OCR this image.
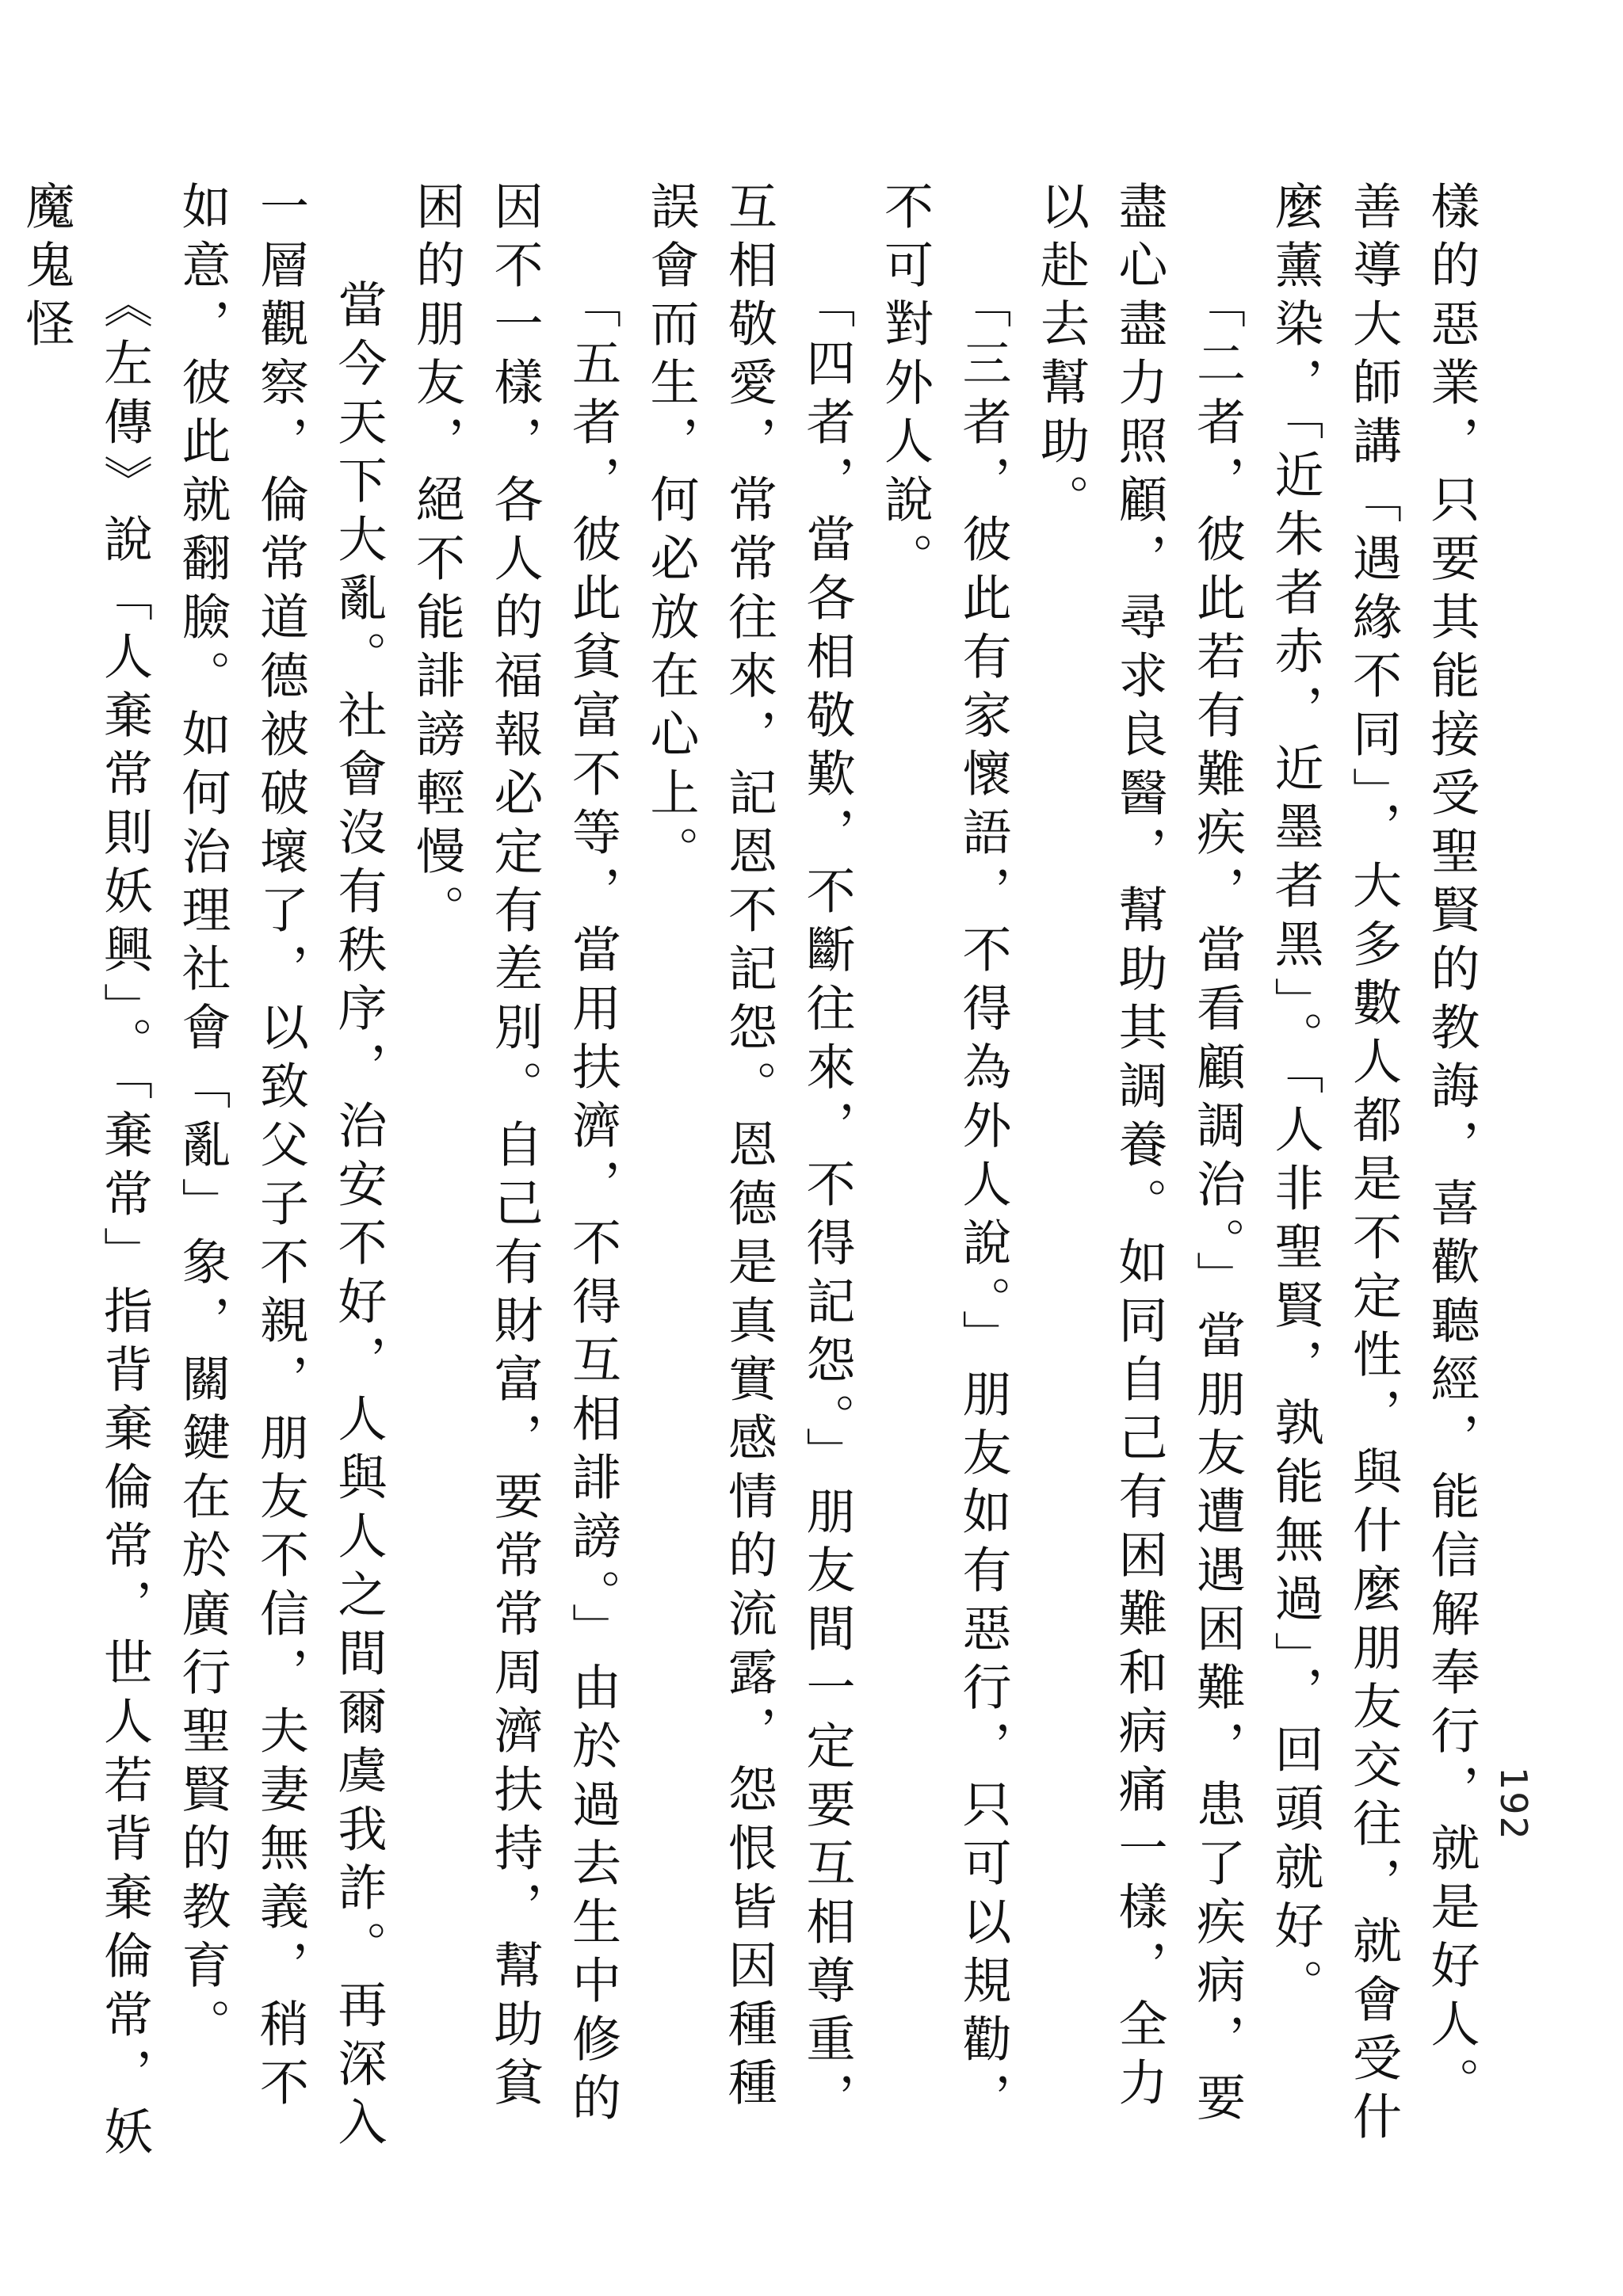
192

樣的惡業，只要其能接受聖賢的教誨，喜歡聽經，能信解奉行，就是好人。善導大師講「遇緣不同」，大多數人都是不定性，與什麼朋友交往，就會受什麼薰染，「近朱者赤，近墨者黑」。「人非聖賢，孰能無過」，回頭就好。

「二者，彼此若有難疾，當看顧調治。」當朋友遭遇困難，患了疾病，要盡心盡力照顧，尋求良醫，幫助其調養。如同自己有困難和病痛一樣，全力以赴去幫助。

「三者，彼此有家懷語，不得為外人說。」朋友如有惡行，只可以規勸，不可對外人說。

「四者，當各相敬歎，不斷往來，不得記怨。」朋友間一定要互相尊重，互相敬愛，常常往來，記恩不記怨。恩德是真實感情的流露，怨恨皆因種種誤會而生，何必放在心上。

「五者，彼此貧富不等，當用扶濟，不得互相誹謗。」由於過去生中修的因不一樣，各人的福報必定有差別。自己有財富，要常常周濟扶持，幫助貧困的朋友，絕不能誹謗輕慢。

當今天下大亂。社會沒有秩序，治安不好，人與人之間爾虞我詐。再深入一層觀察，倫常道德被破壞了，以致父子不親，朋友不信，夫妻無義，稍不如意，彼此就翻臉。如何治理社會「亂」象，關鍵在於廣行聖賢的教育。

《左傳》說「人棄常則妖興」。「棄常」指背棄倫常，世人若背棄倫常，妖魔鬼怪
